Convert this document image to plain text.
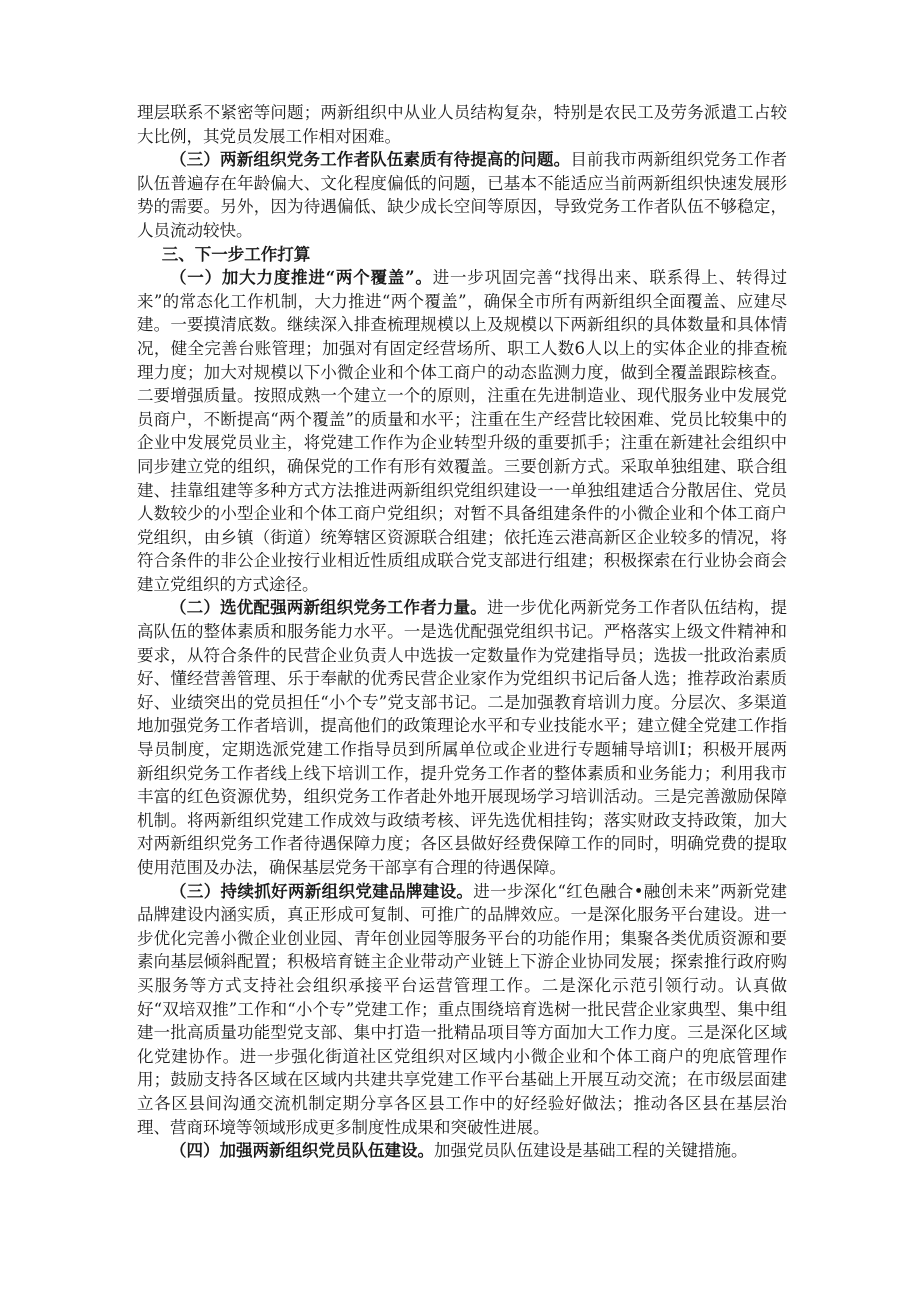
理层联系不紧密等问题；两新组织中从业人员结构复杂，特别是农民工及劳务派遣工占较大比例，其党员发展工作相对困难。

（三）两新组织党务工作者队伍素质有待提高的问题。目前我市两新组织党务工作者队伍普遍存在年龄偏大、文化程度偏低的问题，已基本不能适应当前两新组织快速发展形势的需要。另外，因为待遇偏低、缺少成长空间等原因，导致党务工作者队伍不够稳定，人员流动较快。

三、下一步工作打算

（一）加大力度推进“两个覆盖”。进一步巩固完善“找得出来、联系得上、转得过来”的常态化工作机制，大力推进“两个覆盖”，确保全市所有两新组织全面覆盖、应建尽建。一要摸清底数。继续深入排查梳理规模以上及规模以下两新组织的具体数量和具体情况，健全完善台账管理；加强对有固定经营场所、职工人数6人以上的实体企业的排查梳理力度；加大对规模以下小微企业和个体工商户的动态监测力度，做到全覆盖跟踪核查。二要增强质量。按照成熟一个建立一个的原则，注重在先进制造业、现代服务业中发展党员商户，不断提高“两个覆盖”的质量和水平；注重在生产经营比较困难、党员比较集中的企业中发展党员业主，将党建工作作为企业转型升级的重要抓手；注重在新建社会组织中同步建立党的组织，确保党的工作有形有效覆盖。三要创新方式。采取单独组建、联合组建、挂靠组建等多种方式方法推进两新组织党组织建设一一单独组建适合分散居住、党员人数较少的小型企业和个体工商户党组织；对暂不具备组建条件的小微企业和个体工商户党组织，由乡镇（街道）统筹辖区资源联合组建；依托连云港高新区企业较多的情况，将符合条件的非公企业按行业相近性质组成联合党支部进行组建；积极探索在行业协会商会建立党组织的方式途径。

（二）选优配强两新组织党务工作者力量。进一步优化两新党务工作者队伍结构，提高队伍的整体素质和服务能力水平。一是选优配强党组织书记。严格落实上级文件精神和要求，从符合条件的民营企业负责人中选拔一定数量作为党建指导员；选拔一批政治素质好、懂经营善管理、乐于奉献的优秀民营企业家作为党组织书记后备人选；推荐政治素质好、业绩突出的党员担任“小个专”党支部书记。二是加强教育培训力度。分层次、多渠道地加强党务工作者培训，提高他们的政策理论水平和专业技能水平；建立健全党建工作指导员制度，定期选派党建工作指导员到所属单位或企业进行专题辅导培训I；积极开展两新组织党务工作者线上线下培训工作，提升党务工作者的整体素质和业务能力；利用我市丰富的红色资源优势，组织党务工作者赴外地开展现场学习培训活动。三是完善激励保障机制。将两新组织党建工作成效与政绩考核、评先选优相挂钩；落实财政支持政策，加大对两新组织党务工作者待遇保障力度；各区县做好经费保障工作的同时，明确党费的提取使用范围及办法，确保基层党务干部享有合理的待遇保障。

（三）持续抓好两新组织党建品牌建设。进一步深化“红色融合•融创未来”两新党建品牌建设内涵实质，真正形成可复制、可推广的品牌效应。一是深化服务平台建设。进一步优化完善小微企业创业园、青年创业园等服务平台的功能作用；集聚各类优质资源和要素向基层倾斜配置；积极培育链主企业带动产业链上下游企业协同发展；探索推行政府购买服务等方式支持社会组织承接平台运营管理工作。二是深化示范引领行动。认真做好“双培双推”工作和“小个专”党建工作；重点围绕培育选树一批民营企业家典型、集中组建一批高质量功能型党支部、集中打造一批精品项目等方面加大工作力度。三是深化区域化党建协作。进一步强化街道社区党组织对区域内小微企业和个体工商户的兜底管理作用；鼓励支持各区域在区域内共建共享党建工作平台基础上开展互动交流；在市级层面建立各区县间沟通交流机制定期分享各区县工作中的好经验好做法；推动各区县在基层治理、营商环境等领域形成更多制度性成果和突破性进展。

（四）加强两新组织党员队伍建设。加强党员队伍建设是基础工程的关键措施。
